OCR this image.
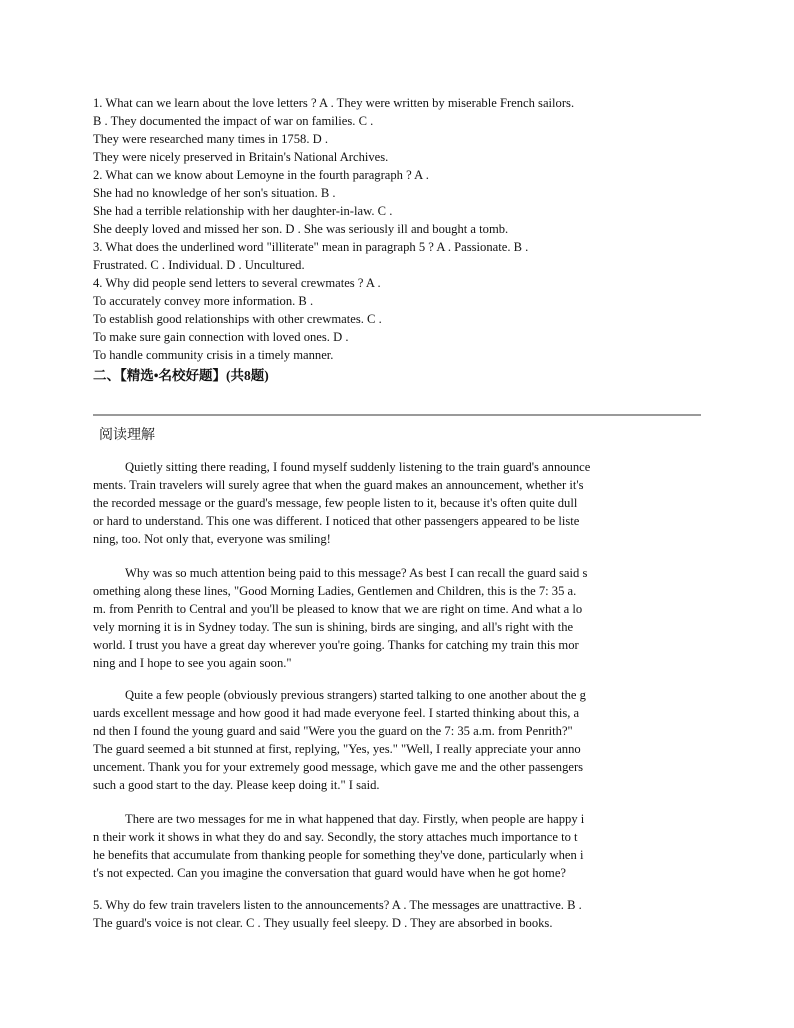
1. What can we learn about the love letters ? A . They were written by miserable French sailors.
B . They documented the impact of war on families. C .
They were researched many times in 1758. D .
They were nicely preserved in Britain's National Archives.
2. What can we know about Lemoyne in the fourth paragraph ? A .
She had no knowledge of her son's situation. B .
She had a terrible relationship with her daughter-in-law. C .
She deeply loved and missed her son. D . She was seriously ill and bought a tomb.
3. What does the underlined word "illiterate" mean in paragraph 5 ? A . Passionate. B .
Frustrated. C . Individual. D . Uncultured.
4. Why did people send letters to several crewmates ? A .
To accurately convey more information. B .
To establish good relationships with other crewmates. C .
To make sure gain connection with loved ones. D .
To handle community crisis in a timely manner.
二、【精选•名校好题】(共8题)
阅读理解
Quietly sitting there reading, I found myself suddenly listening to the train guard's announce
ments. Train travelers will surely agree that when the guard makes an announcement, whether it's
the recorded message or the guard's message, few people listen to it, because it's often quite dull
or hard to understand. This one was different. I noticed that other passengers appeared to be liste
ning, too. Not only that, everyone was smiling!
Why was so much attention being paid to this message? As best I can recall the guard said s
omething along these lines, "Good Morning Ladies, Gentlemen and Children, this is the 7: 35 a.
m. from Penrith to Central and you'll be pleased to know that we are right on time. And what a lo
vely morning it is in Sydney today. The sun is shining, birds are singing, and all's right with the
world. I trust you have a great day wherever you're going. Thanks for catching my train this mor
ning and I hope to see you again soon."
Quite a few people (obviously previous strangers) started talking to one another about the g
uards excellent message and how good it had made everyone feel. I started thinking about this, a
nd then I found the young guard and said "Were you the guard on the 7: 35 a.m. from Penrith?"
The guard seemed a bit stunned at first, replying, "Yes, yes." "Well, I really appreciate your anno
uncement. Thank you for your extremely good message, which gave me and the other passengers
such a good start to the day. Please keep doing it." I said.
There are two messages for me in what happened that day. Firstly, when people are happy i
n their work it shows in what they do and say. Secondly, the story attaches much importance to t
he benefits that accumulate from thanking people for something they've done, particularly when i
t's not expected. Can you imagine the conversation that guard would have when he got home?
5. Why do few train travelers listen to the announcements? A . The messages are unattractive. B .
The guard's voice is not clear. C . They usually feel sleepy. D . They are absorbed in books.
